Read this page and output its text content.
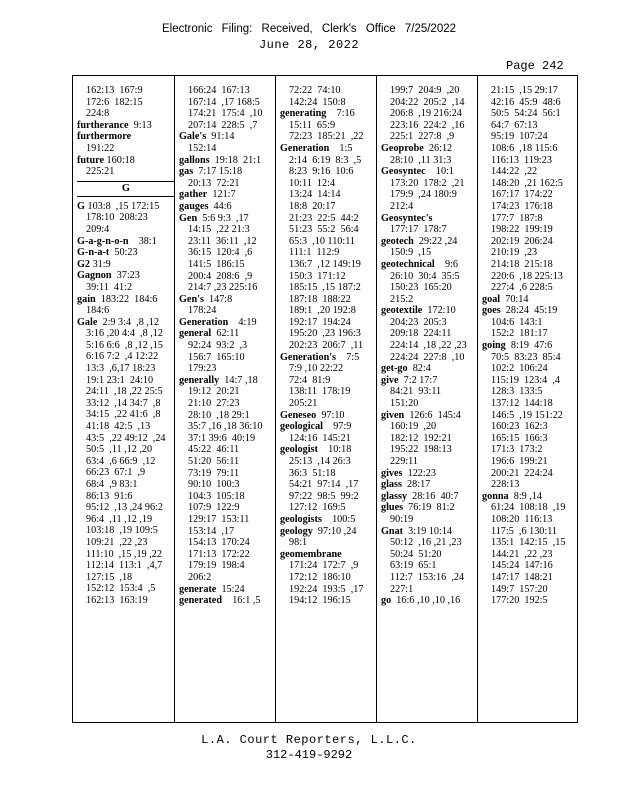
Electronic Filing: Received, Clerk's Office 7/25/2022
June 28, 2022
Page 242
162:13  167:9
172:6  182:15
224:8
furtherance  9:13
furthermore
191:22
future 160:18
225:21
G
G 103:8  ,15 172:15
178:10  208:23
209:4
G-a-g-n-o-n    38:1
G-n-a-t  50:23
G2 31:9
Gagnon  37:23
39:11  41:2
gain  183:22  184:6
184:6
Gale  2:9 3:4  ,8 ,12
3:16 ,20 4:4  ,8 ,12
5:16 6:6  ,8 ,12 ,15
6:16 7:2  ,4 12:22
13:3  ,6,17 18:23
19:1 23:1  24:10
24:11  ,18 ,22 25:5
33:12  ,14 34:7  ,8
34:15  ,22 41:6  ,8
41:18  42:5  ,13
43:5  ,22 49:12  ,24
50:5  ,11 ,12 ,20
63:4  ,6 66:9  ,12
66:23  67:1  ,9
68:4  ,9 83:1
86:13  91:6
95:12  ,13 ,24 96:2
96:4  ,11 ,12 ,19
103:18  ,19 109:5
109:21  ,22 ,23
111:10  ,15 ,19 ,22
112:14  113:1  ,4,7
127:15  ,18
152:12  153:4  ,5
162:13  163:19
166:24  167:13
167:14  ,17 168:5
174:21  175:4  ,10
207:14  228:5  ,7
Gale's  91:14
152:14
gallons  19:18  21:1
gas  7:17 15:18
20:13  72:21
gather  121:7
gauges  44:6
Gen  5:6 9:3  ,17
14:15  ,22 21:3
23:11  36:11  ,12
36:15  120:4  ,6
141:5  186:15
200:4  208:6  ,9
214:7 ,23 225:16
Gen's  147:8
178:24
Generation    4:19
general  62:11
92:24  93:2  ,3
156:7  165:10
179:23
generally  14:7 ,18
19:12  20:21
21:10  27:23
28:10  ,18 29:1
35:7 ,16 ,18 36:10
37:1 39:6  40:19
45:22  46:11
51:20  56:11
73:19  79:11
90:10  100:3
104:3  105:18
107:9  122:9
129:17  153:11
153:14  ,17
154:13  170:24
171:13  172:22
179:19  198:4
206:2
generate  15:24
generated    16:1 ,5
72:22  74:10
142:24  150:8
generating    7:16
15:11  65:9
72:23  185:21  ,22
Generation    1:5
2:14  6:19  8:3  ,5
8:23  9:16  10:6
10:11  12:4
13:24  14:14
18:8  20:17
21:23  22:5  44:2
51:23  55:2  56:4
65:3  ,10 110:11
111:1  112:9
136:7  ,12 149:19
150:3  171:12
185:15  ,15 187:2
187:18  188:22
189:1  ,20 192:8
192:17  194:24
195:20  ,23 196:3
202:23  206:7  ,11
Generation's    7:5
7:9 ,10 22:22
72:4  81:9
138:11  178:19
205:21
Geneseo  97:10
geological    97:9
124:16  145:21
geologist    10:18
25:13  ,14 26:3
36:3  51:18
54:21  97:14  ,17
97:22  98:5  99:2
127:12  169:5
geologists    100:5
geology  97:10 ,24
98:1
geomembrane
171:24  172:7  ,9
172:12  186:10
192:24  193:5  ,17
194:12  196:15
199:7  204:9  ,20
204:22  205:2  ,14
206:8  ,19 216:24
223:16  224:2  ,16
225:1  227:8  ,9
Geoprobe  26:12
28:10  ,11 31:3
Geosyntec    10:1
173:20  178:2  ,21
179:9  ,24 180:9
212:4
Geosyntec's
177:17  178:7
geotech  29:22 ,24
150:9  ,15
geotechnical    9:6
26:10  30:4  35:5
150:23  165:20
215:2
geotextile  172:10
204:23  205:3
209:18  224:11
224:14  ,18 ,22 ,23
224:24  227:8  ,10
get-go  82:4
give  7:2 17:7
84:21  93:11
151:20
given  126:6  145:4
160:19  ,20
182:12  192:21
195:22  198:13
229:11
gives  122:23
glass  28:17
glassy  28:16  40:7
glues  76:19  81:2
90:19
Gnat  3:19 10:14
50:12  ,16 ,21 ,23
50:24  51:20
63:19  65:1
112:7  153:16  ,24
227:1
go  16:6 ,10 ,10 ,16
21:15  ,15 29:17
42:16  45:9  48:6
50:5  54:24  56:1
64:7  67:13
95:19  107:24
108:6  ,18 115:6
116:13  119:23
144:22  ,22
148:20  ,21 162:5
167:17  174:22
174:23  176:18
177:7  187:8
198:22  199:19
202:19  206:24
210:19  ,23
214:18  215:18
220:6  ,18 225:13
227:4  ,6 228:5
goal  70:14
goes  28:24  45:19
104:6  143:1
152:2  181:17
going  8:19  47:6
70:5  83:23  85:4
102:2  106:24
115:19  123:4  ,4
128:3  133:5
137:12  144:18
146:5  ,19 151:22
160:23  162:3
165:15  166:3
171:3  173:2
196:6  199:21
200:21  224:24
228:13
gonna  8:9 ,14
61:24  108:18  ,19
108:20  116:13
117:5  ,6 130:11
135:1  142:15  ,15
144:21  ,22 ,23
145:24  147:16
147:17  148:21
149:7  157:20
177:20  192:5
L.A. Court Reporters, L.L.C.
312-419-9292
